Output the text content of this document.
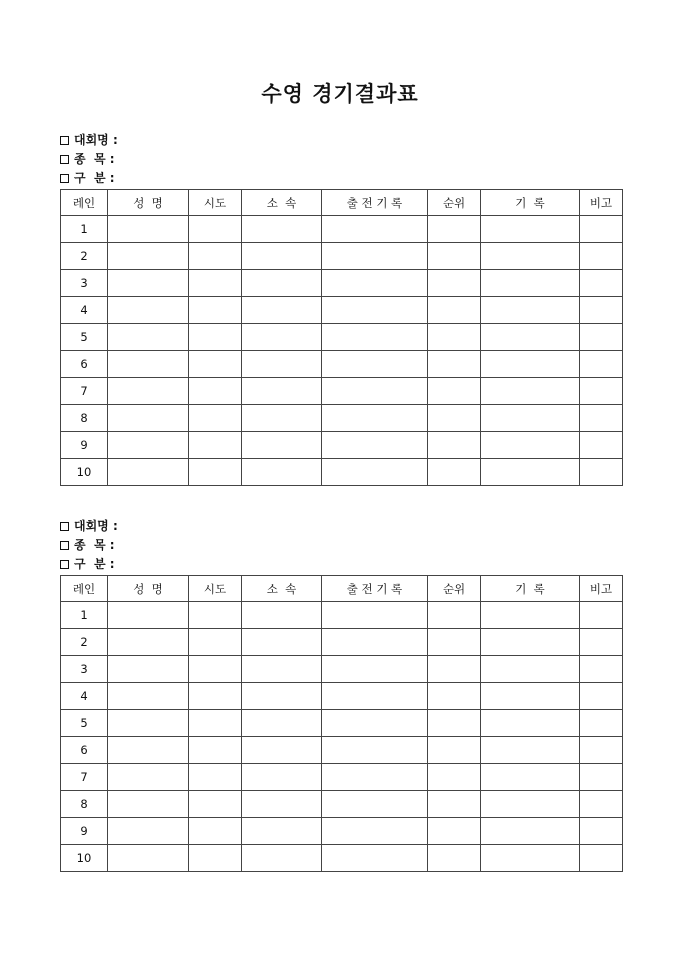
수영 경기결과표
대회명 :
종  목 :
구  분 :
레인	성  명	시도	소  속	출 전 기 록	순위	기  록	비고
1							
2							
3							
4							
5							
6							
7							
8							
9							
10							
대회명 :
종  목 :
구  분 :
레인	성  명	시도	소  속	출 전 기 록	순위	기  록	비고
1							
2							
3							
4							
5							
6							
7							
8							
9							
10							
